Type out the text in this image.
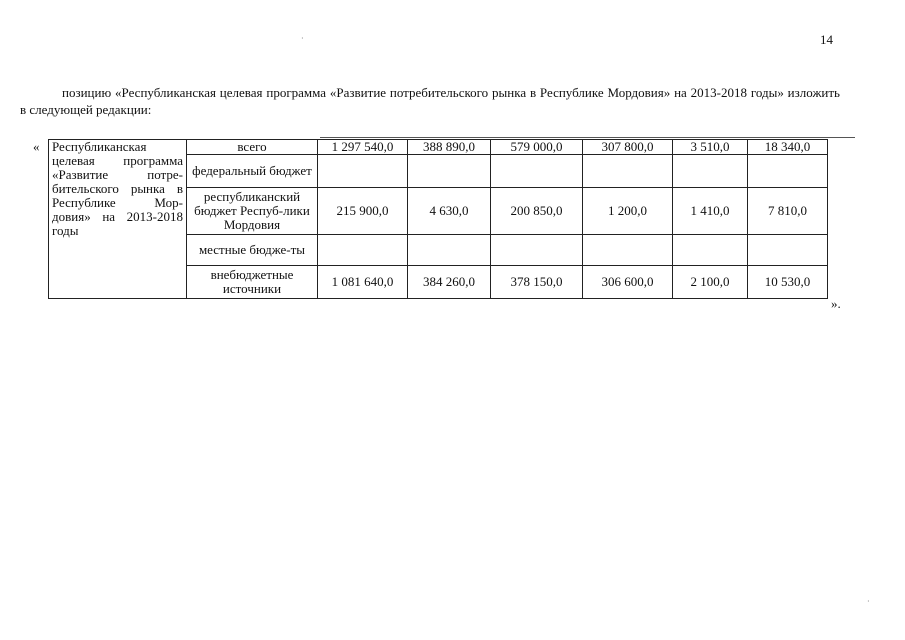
14

позицию «Республиканская целевая программа «Развитие потребительского рынка в Республике Мордовия» на 2013-2018 годы» изложить в следующей редакции:

« Республиканская целевая программа «Развитие потре-бительского рынка в Республике Мор-довия» на 2013-2018 годы	всего	1 297 540,0	388 890,0	579 000,0	307 800,0	3 510,0	18 340,0
	федеральный бюджет						
	республиканский бюджет Респуб-лики Мордовия	215 900,0	4 630,0	200 850,0	1 200,0	1 410,0	7 810,0
	местные бюдже-ты						
	внебюджетные источники	1 081 640,0	384 260,0	378 150,0	306 600,0	2 100,0	10 530,0
».
·
·
